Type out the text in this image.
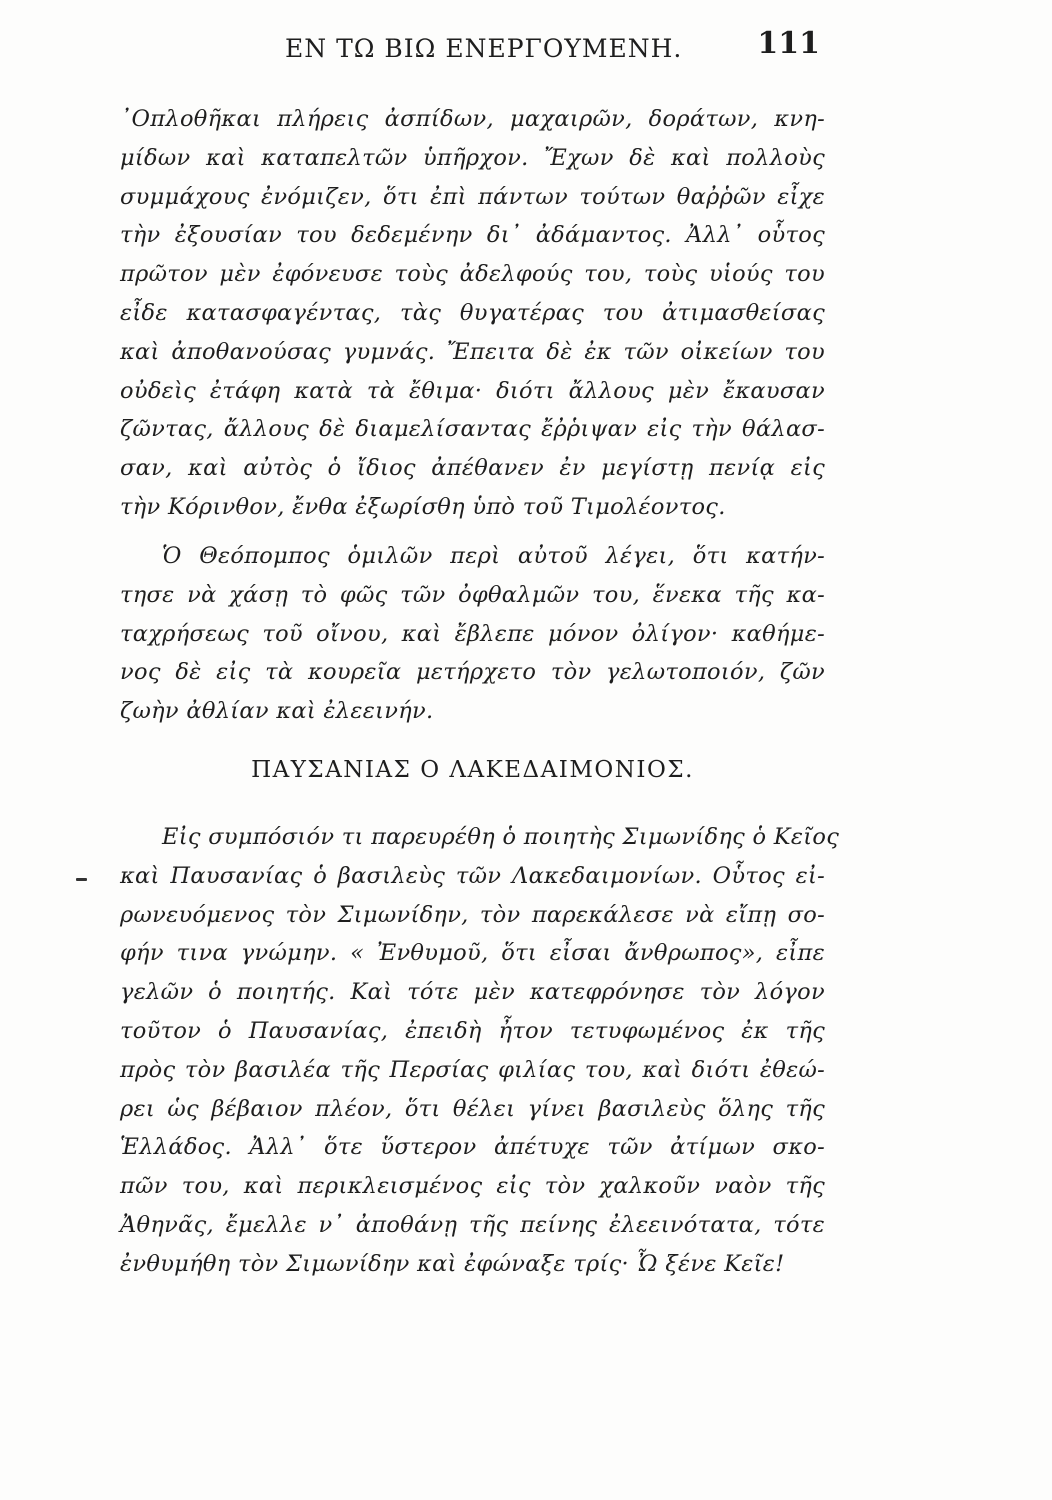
ΕΝ ΤΩ ΒΙΩ ΕΝΕΡΓΟΥΜΕΝΗ.	111
᾿Οπλοθῆκαι πλήρεις ἀσπίδων, μαχαιρῶν, δοράτων, κνη-
μίδων καὶ καταπελτῶν ὑπῆρχον. Ἔχων δὲ καὶ πολλοὺς
συμμάχους ἐνόμιζεν, ὅτι ἐπὶ πάντων τούτων θαῤῥῶν εἶχε
τὴν ἐξουσίαν του δεδεμένην δι᾿ ἀδάμαντος. Ἀλλ᾿ οὗτος
πρῶτον μὲν ἐφόνευσε τοὺς ἀδελφούς του, τοὺς υἱούς του
εἶδε κατασφαγέντας, τὰς θυγατέρας του ἀτιμασθείσας
καὶ ἀποθανούσας γυμνάς. Ἔπειτα δὲ ἐκ τῶν οἰκείων του
οὐδεὶς ἐτάφη κατὰ τὰ ἔθιμα· διότι ἄλλους μὲν ἔκαυσαν
ζῶντας, ἄλλους δὲ διαμελίσαντας ἔῤῥιψαν εἰς τὴν θάλασ-
σαν, καὶ αὐτὸς ὁ ἴδιος ἀπέθανεν ἐν μεγίστῃ πενίᾳ εἰς
τὴν Κόρινθον, ἔνθα ἐξωρίσθη ὑπὸ τοῦ Τιμολέοντος.
Ὁ Θεόπομπος ὁμιλῶν περὶ αὐτοῦ λέγει, ὅτι κατήν-
τησε νὰ χάσῃ τὸ φῶς τῶν ὀφθαλμῶν του, ἕνεκα τῆς κα-
ταχρήσεως τοῦ οἴνου, καὶ ἔβλεπε μόνον ὀλίγον· καθήμε-
νος δὲ εἰς τὰ κουρεῖα μετήρχετο τὸν γελωτοποιόν, ζῶν
ζωὴν ἀθλίαν καὶ ἐλεεινήν.
ΠΑΥΣΑΝΙΑΣ Ο ΛΑΚΕΔΑΙΜΟΝΙΟΣ.
Εἰς συμπόσιόν τι παρευρέθη ὁ ποιητὴς Σιμωνίδης ὁ Κεῖος
καὶ Παυσανίας ὁ βασιλεὺς τῶν Λακεδαιμονίων. Οὗτος εἰ-
ρωνευόμενος τὸν Σιμωνίδην, τὸν παρεκάλεσε νὰ εἴπῃ σο-
φήν τινα γνώμην. « Ἐνθυμοῦ, ὅτι εἶσαι ἄνθρωπος», εἶπε
γελῶν ὁ ποιητής. Καὶ τότε μὲν κατεφρόνησε τὸν λόγον
τοῦτον ὁ Παυσανίας, ἐπειδὴ ἦτον τετυφωμένος ἐκ τῆς
πρὸς τὸν βασιλέα τῆς Περσίας φιλίας του, καὶ διότι ἐθεώ-
ρει ὡς βέβαιον πλέον, ὅτι θέλει γίνει βασιλεὺς ὅλης τῆς
Ἑλλάδος. Ἀλλ᾿ ὅτε ὕστερον ἀπέτυχε τῶν ἀτίμων σκο-
πῶν του, καὶ περικλεισμένος εἰς τὸν χαλκοῦν ναὸν τῆς
Ἀθηνᾶς, ἔμελλε ν᾿ ἀποθάνῃ τῆς πείνης ἐλεεινότατα, τότε
ἐνθυμήθη τὸν Σιμωνίδην καὶ ἐφώναξε τρίς· Ὦ ξένε Κεῖε!
